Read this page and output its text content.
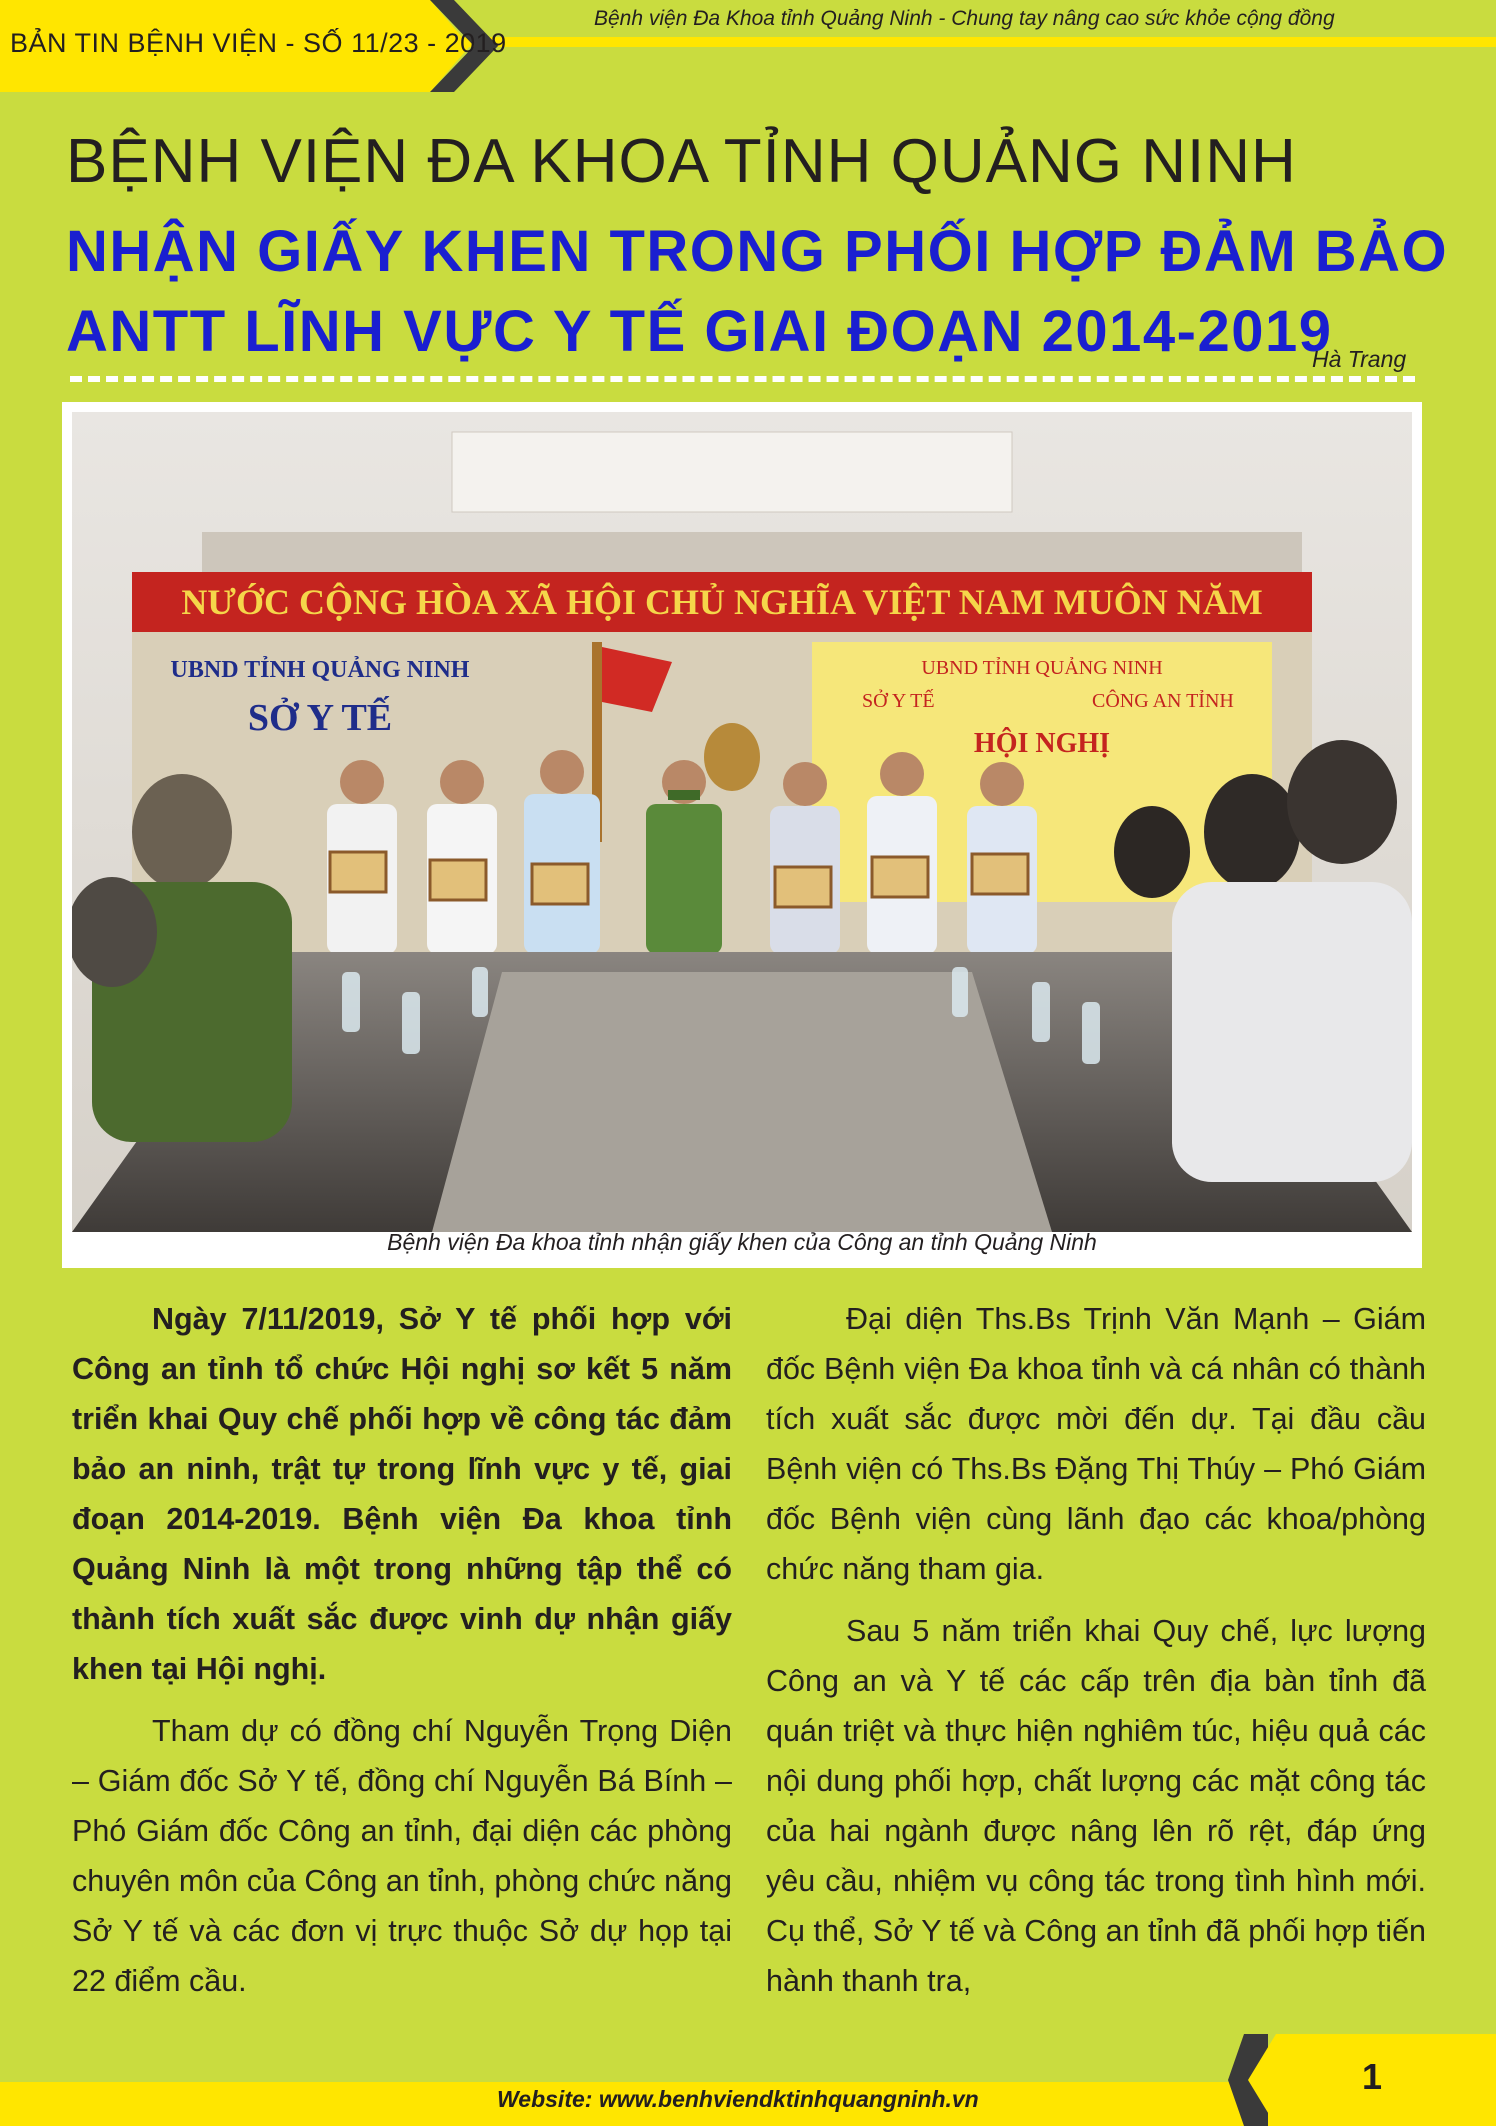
BẢN TIN BỆNH VIỆN - SỐ 11/23 - 2019
Bệnh viện Đa Khoa tỉnh Quảng Ninh - Chung tay nâng cao sức khỏe cộng đồng
BỆNH VIỆN ĐA KHOA TỈNH QUẢNG NINH
NHẬN GIẤY KHEN TRONG PHỐI HỢP ĐẢM BẢO ANTT LĨNH VỰC Y TẾ GIAI ĐOẠN 2014-2019
Hà Trang
NƯỚC CỘNG HÒA XÃ HỘI CHỦ NGHĨA VIỆT NAM MUÔN NĂM
UBND TỈNH QUẢNG NINH
SỞ Y TẾ
UBND TỈNH QUẢNG NINH
SỞ Y TẾ	CÔNG AN TỈNH
HỘI NGHỊ
Bệnh viện Đa khoa tỉnh nhận giấy khen của Công an tỉnh Quảng Ninh

Ngày 7/11/2019, Sở Y tế phối hợp với Công an tỉnh tổ chức Hội nghị sơ kết 5 năm triển khai Quy chế phối hợp về công tác đảm bảo an ninh, trật tự trong lĩnh vực y tế, giai đoạn 2014-2019. Bệnh viện Đa khoa tỉnh Quảng Ninh là một trong những tập thể có thành tích xuất sắc được vinh dự nhận giấy khen tại Hội nghị.

Tham dự có đồng chí Nguyễn Trọng Diện – Giám đốc Sở Y tế, đồng chí Nguyễn Bá Bính – Phó Giám đốc Công an tỉnh, đại diện các phòng chuyên môn của Công an tỉnh, phòng chức năng Sở Y tế và các đơn vị trực thuộc Sở dự họp tại 22 điểm cầu.

Đại diện Ths.Bs Trịnh Văn Mạnh – Giám đốc Bệnh viện Đa khoa tỉnh và cá nhân có thành tích xuất sắc được mời đến dự. Tại đầu cầu Bệnh viện có Ths.Bs Đặng Thị Thúy – Phó Giám đốc Bệnh viện cùng lãnh đạo các khoa/phòng chức năng tham gia.

Sau 5 năm triển khai Quy chế, lực lượng Công an và Y tế các cấp trên địa bàn tỉnh đã quán triệt và thực hiện nghiêm túc, hiệu quả các nội dung phối hợp, chất lượng các mặt công tác của hai ngành được nâng lên rõ rệt, đáp ứng yêu cầu, nhiệm vụ công tác trong tình hình mới. Cụ thể, Sở Y tế và Công an tỉnh đã phối hợp tiến hành thanh tra,

1
Website: www.benhviendktinhquangninh.vn
